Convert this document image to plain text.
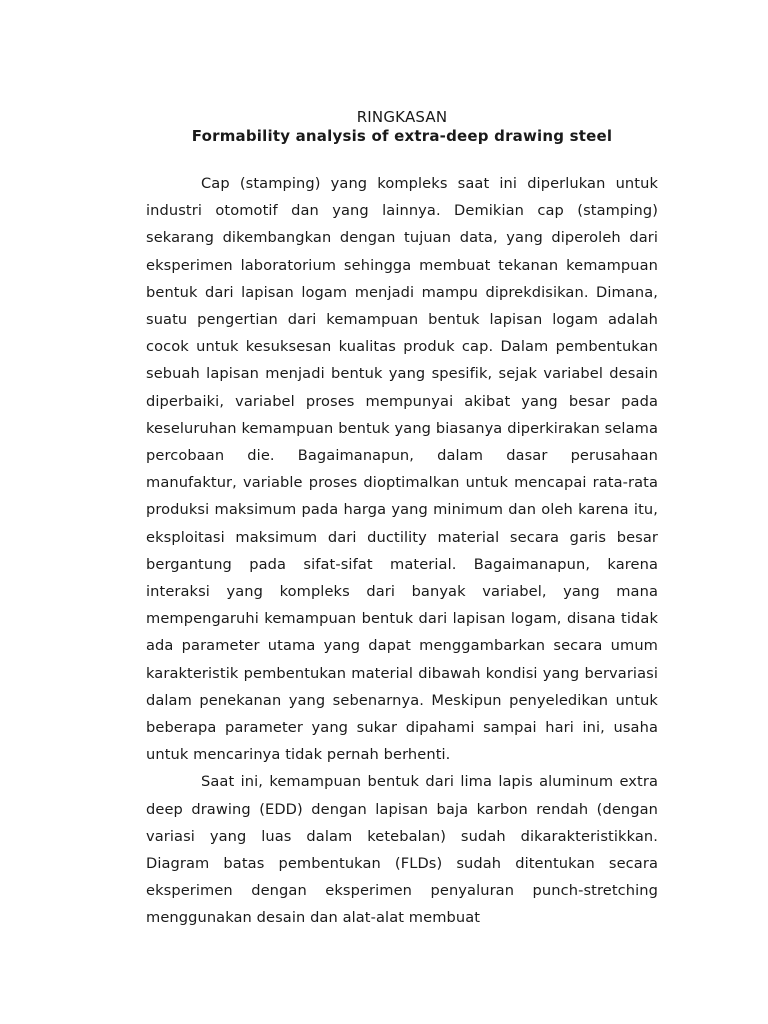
RINGKASAN
Formability analysis of extra-deep drawing steel

Cap (stamping) yang kompleks saat ini diperlukan untuk industri otomotif dan yang lainnya. Demikian cap (stamping) sekarang dikembangkan dengan tujuan data, yang diperoleh dari eksperimen laboratorium sehingga membuat tekanan kemampuan bentuk dari lapisan logam menjadi mampu diprekdisikan. Dimana, suatu pengertian dari kemampuan bentuk lapisan logam adalah cocok untuk kesuksesan kualitas produk cap. Dalam pembentukan sebuah lapisan menjadi bentuk yang spesifik, sejak variabel desain diperbaiki, variabel proses mempunyai akibat yang besar pada keseluruhan kemampuan bentuk yang biasanya diperkirakan selama percobaan die. Bagaimanapun, dalam dasar perusahaan manufaktur, variable proses dioptimalkan untuk mencapai rata-rata produksi maksimum pada harga yang minimum dan oleh karena itu, eksploitasi maksimum dari ductility material secara garis besar bergantung pada sifat-sifat material. Bagaimanapun, karena interaksi yang kompleks dari banyak variabel, yang mana mempengaruhi kemampuan bentuk dari lapisan logam, disana tidak ada parameter utama yang dapat menggambarkan secara umum karakteristik pembentukan material dibawah kondisi yang bervariasi dalam penekanan yang sebenarnya. Meskipun penyeledikan untuk beberapa parameter yang sukar dipahami sampai hari ini, usaha untuk mencarinya tidak pernah berhenti.

Saat ini, kemampuan bentuk dari lima lapis aluminum extra deep drawing (EDD) dengan lapisan baja karbon rendah (dengan variasi yang luas dalam ketebalan) sudah dikarakteristikkan. Diagram batas pembentukan (FLDs) sudah ditentukan secara eksperimen dengan eksperimen penyaluran punch-stretching menggunakan desain dan alat-alat membuat
